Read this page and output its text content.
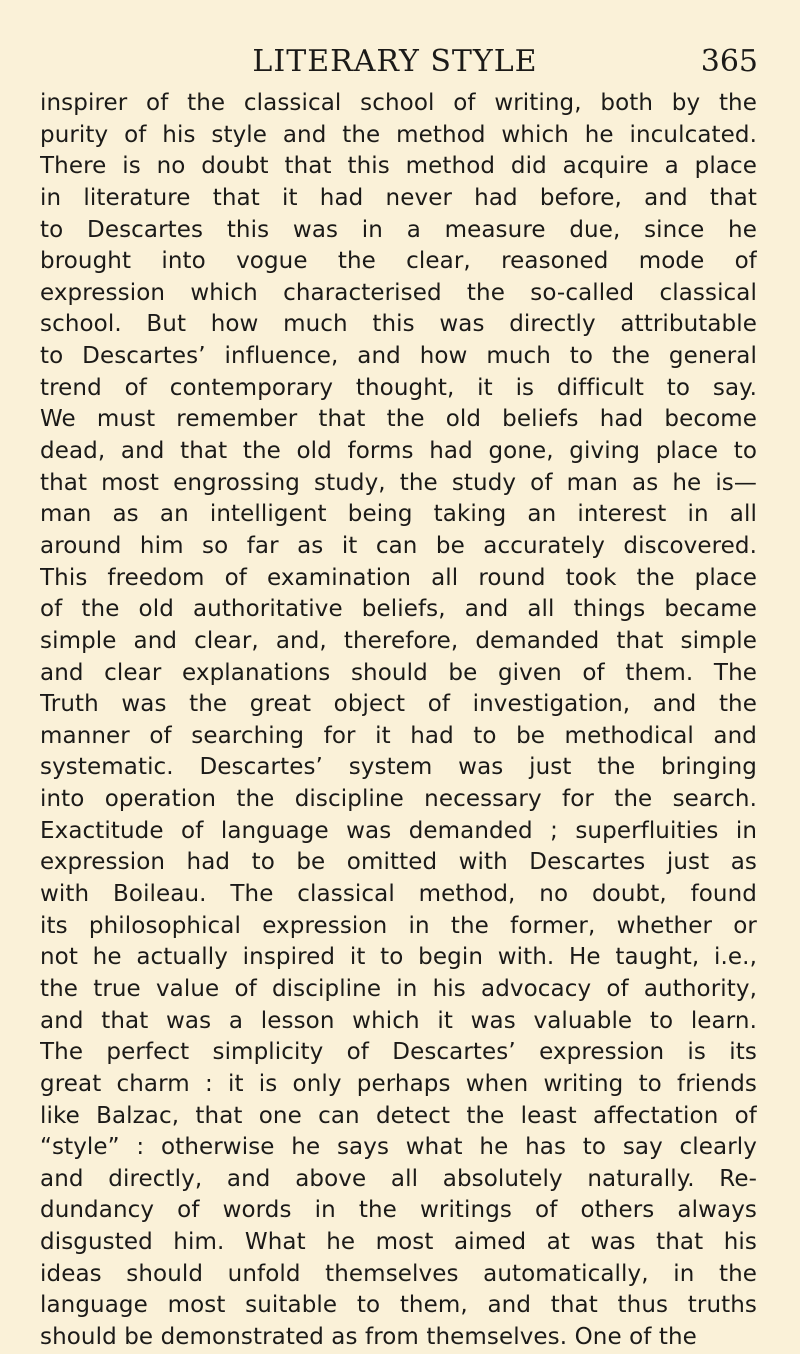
LITERARY STYLE	365
inspirer of the classical school of writing, both by the
purity of his style and the method which he inculcated.
There is no doubt that this method did acquire a place
in literature that it had never had before, and that
to Descartes this was in a measure due, since he
brought into vogue the clear, reasoned mode of
expression which characterised the so-called classical
school. But how much this was directly attributable
to Descartes’ influence, and how much to the general
trend of contemporary thought, it is difficult to say.
We must remember that the old beliefs had become
dead, and that the old forms had gone, giving place to
that most engrossing study, the study of man as he is—
man as an intelligent being taking an interest in all
around him so far as it can be accurately discovered.
This freedom of examination all round took the place
of the old authoritative beliefs, and all things became
simple and clear, and, therefore, demanded that simple
and clear explanations should be given of them. The
Truth was the great object of investigation, and the
manner of searching for it had to be methodical and
systematic. Descartes’ system was just the bringing
into operation the discipline necessary for the search.
Exactitude of language was demanded ; superfluities in
expression had to be omitted with Descartes just as
with Boileau. The classical method, no doubt, found
its philosophical expression in the former, whether or
not he actually inspired it to begin with. He taught, i.e.,
the true value of discipline in his advocacy of authority,
and that was a lesson which it was valuable to learn.
The perfect simplicity of Descartes’ expression is its
great charm : it is only perhaps when writing to friends
like Balzac, that one can detect the least affectation of
“style” : otherwise he says what he has to say clearly
and directly, and above all absolutely naturally. Re-
dundancy of words in the writings of others always
disgusted him. What he most aimed at was that his
ideas should unfold themselves automatically, in the
language most suitable to them, and that thus truths
should be demonstrated as from themselves. One of the
